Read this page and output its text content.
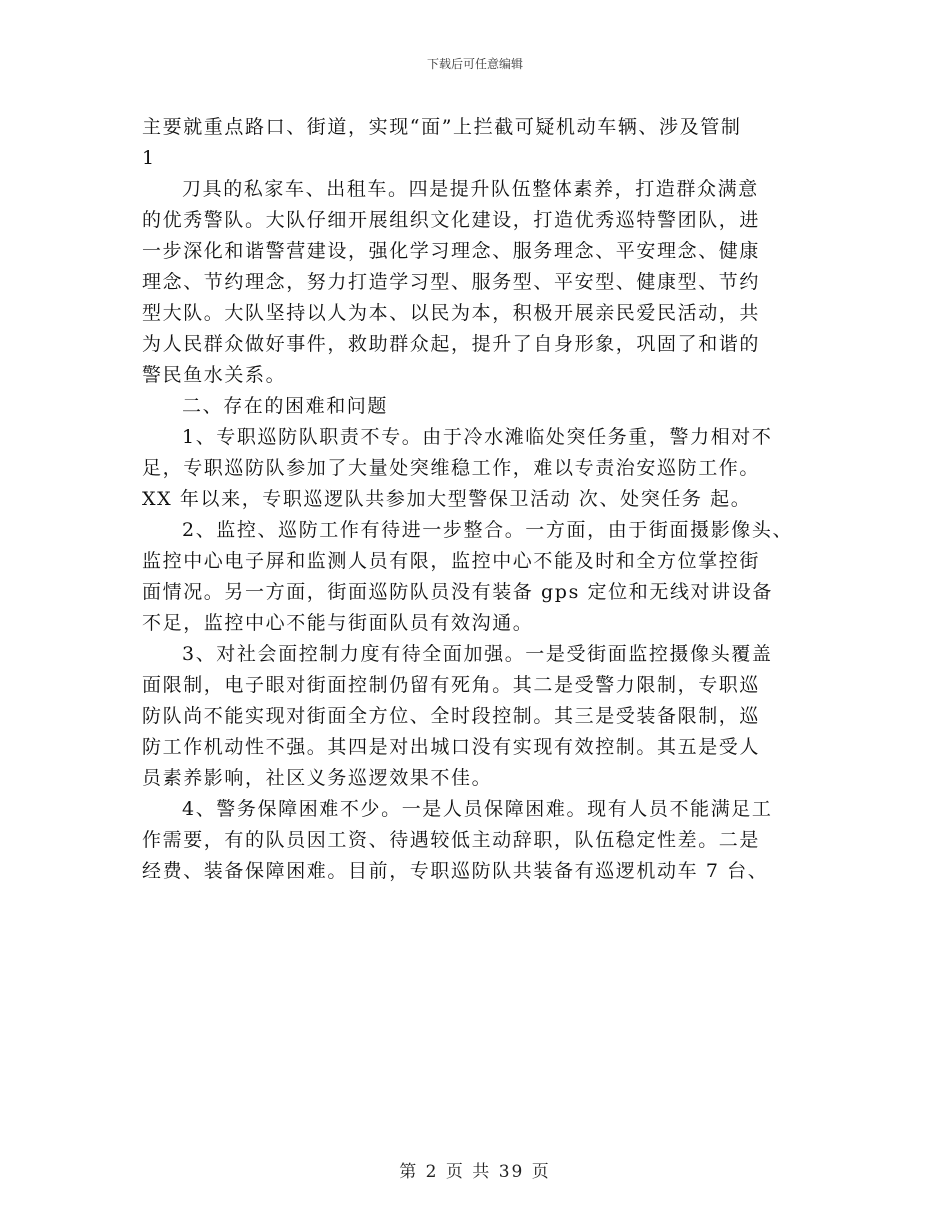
下载后可任意编辑
主要就重点路口、街道，实现“面”上拦截可疑机动车辆、涉及管制
1
刀具的私家车、出租车。四是提升队伍整体素养，打造群众满意
的优秀警队。大队仔细开展组织文化建设，打造优秀巡特警团队，进
一步深化和谐警营建设，强化学习理念、服务理念、平安理念、健康
理念、节约理念，努力打造学习型、服务型、平安型、健康型、节约
型大队。大队坚持以人为本、以民为本，积极开展亲民爱民活动，共
为人民群众做好事件，救助群众起，提升了自身形象，巩固了和谐的
警民鱼水关系。
二、存在的困难和问题
1、专职巡防队职责不专。由于冷水滩临处突任务重，警力相对不
足，专职巡防队参加了大量处突维稳工作，难以专责治安巡防工作。
XX 年以来，专职巡逻队共参加大型警保卫活动 次、处突任务 起。
2、监控、巡防工作有待进一步整合。一方面，由于街面摄影像头、
监控中心电子屏和监测人员有限，监控中心不能及时和全方位掌控街
面情况。另一方面，街面巡防队员没有装备 gps 定位和无线对讲设备
不足，监控中心不能与街面队员有效沟通。
3、对社会面控制力度有待全面加强。一是受街面监控摄像头覆盖
面限制，电子眼对街面控制仍留有死角。其二是受警力限制，专职巡
防队尚不能实现对街面全方位、全时段控制。其三是受装备限制，巡
防工作机动性不强。其四是对出城口没有实现有效控制。其五是受人
员素养影响，社区义务巡逻效果不佳。
4、警务保障困难不少。一是人员保障困难。现有人员不能满足工
作需要，有的队员因工资、待遇较低主动辞职，队伍稳定性差。二是
经费、装备保障困难。目前，专职巡防队共装备有巡逻机动车 7 台、
第 2 页 共 39 页
